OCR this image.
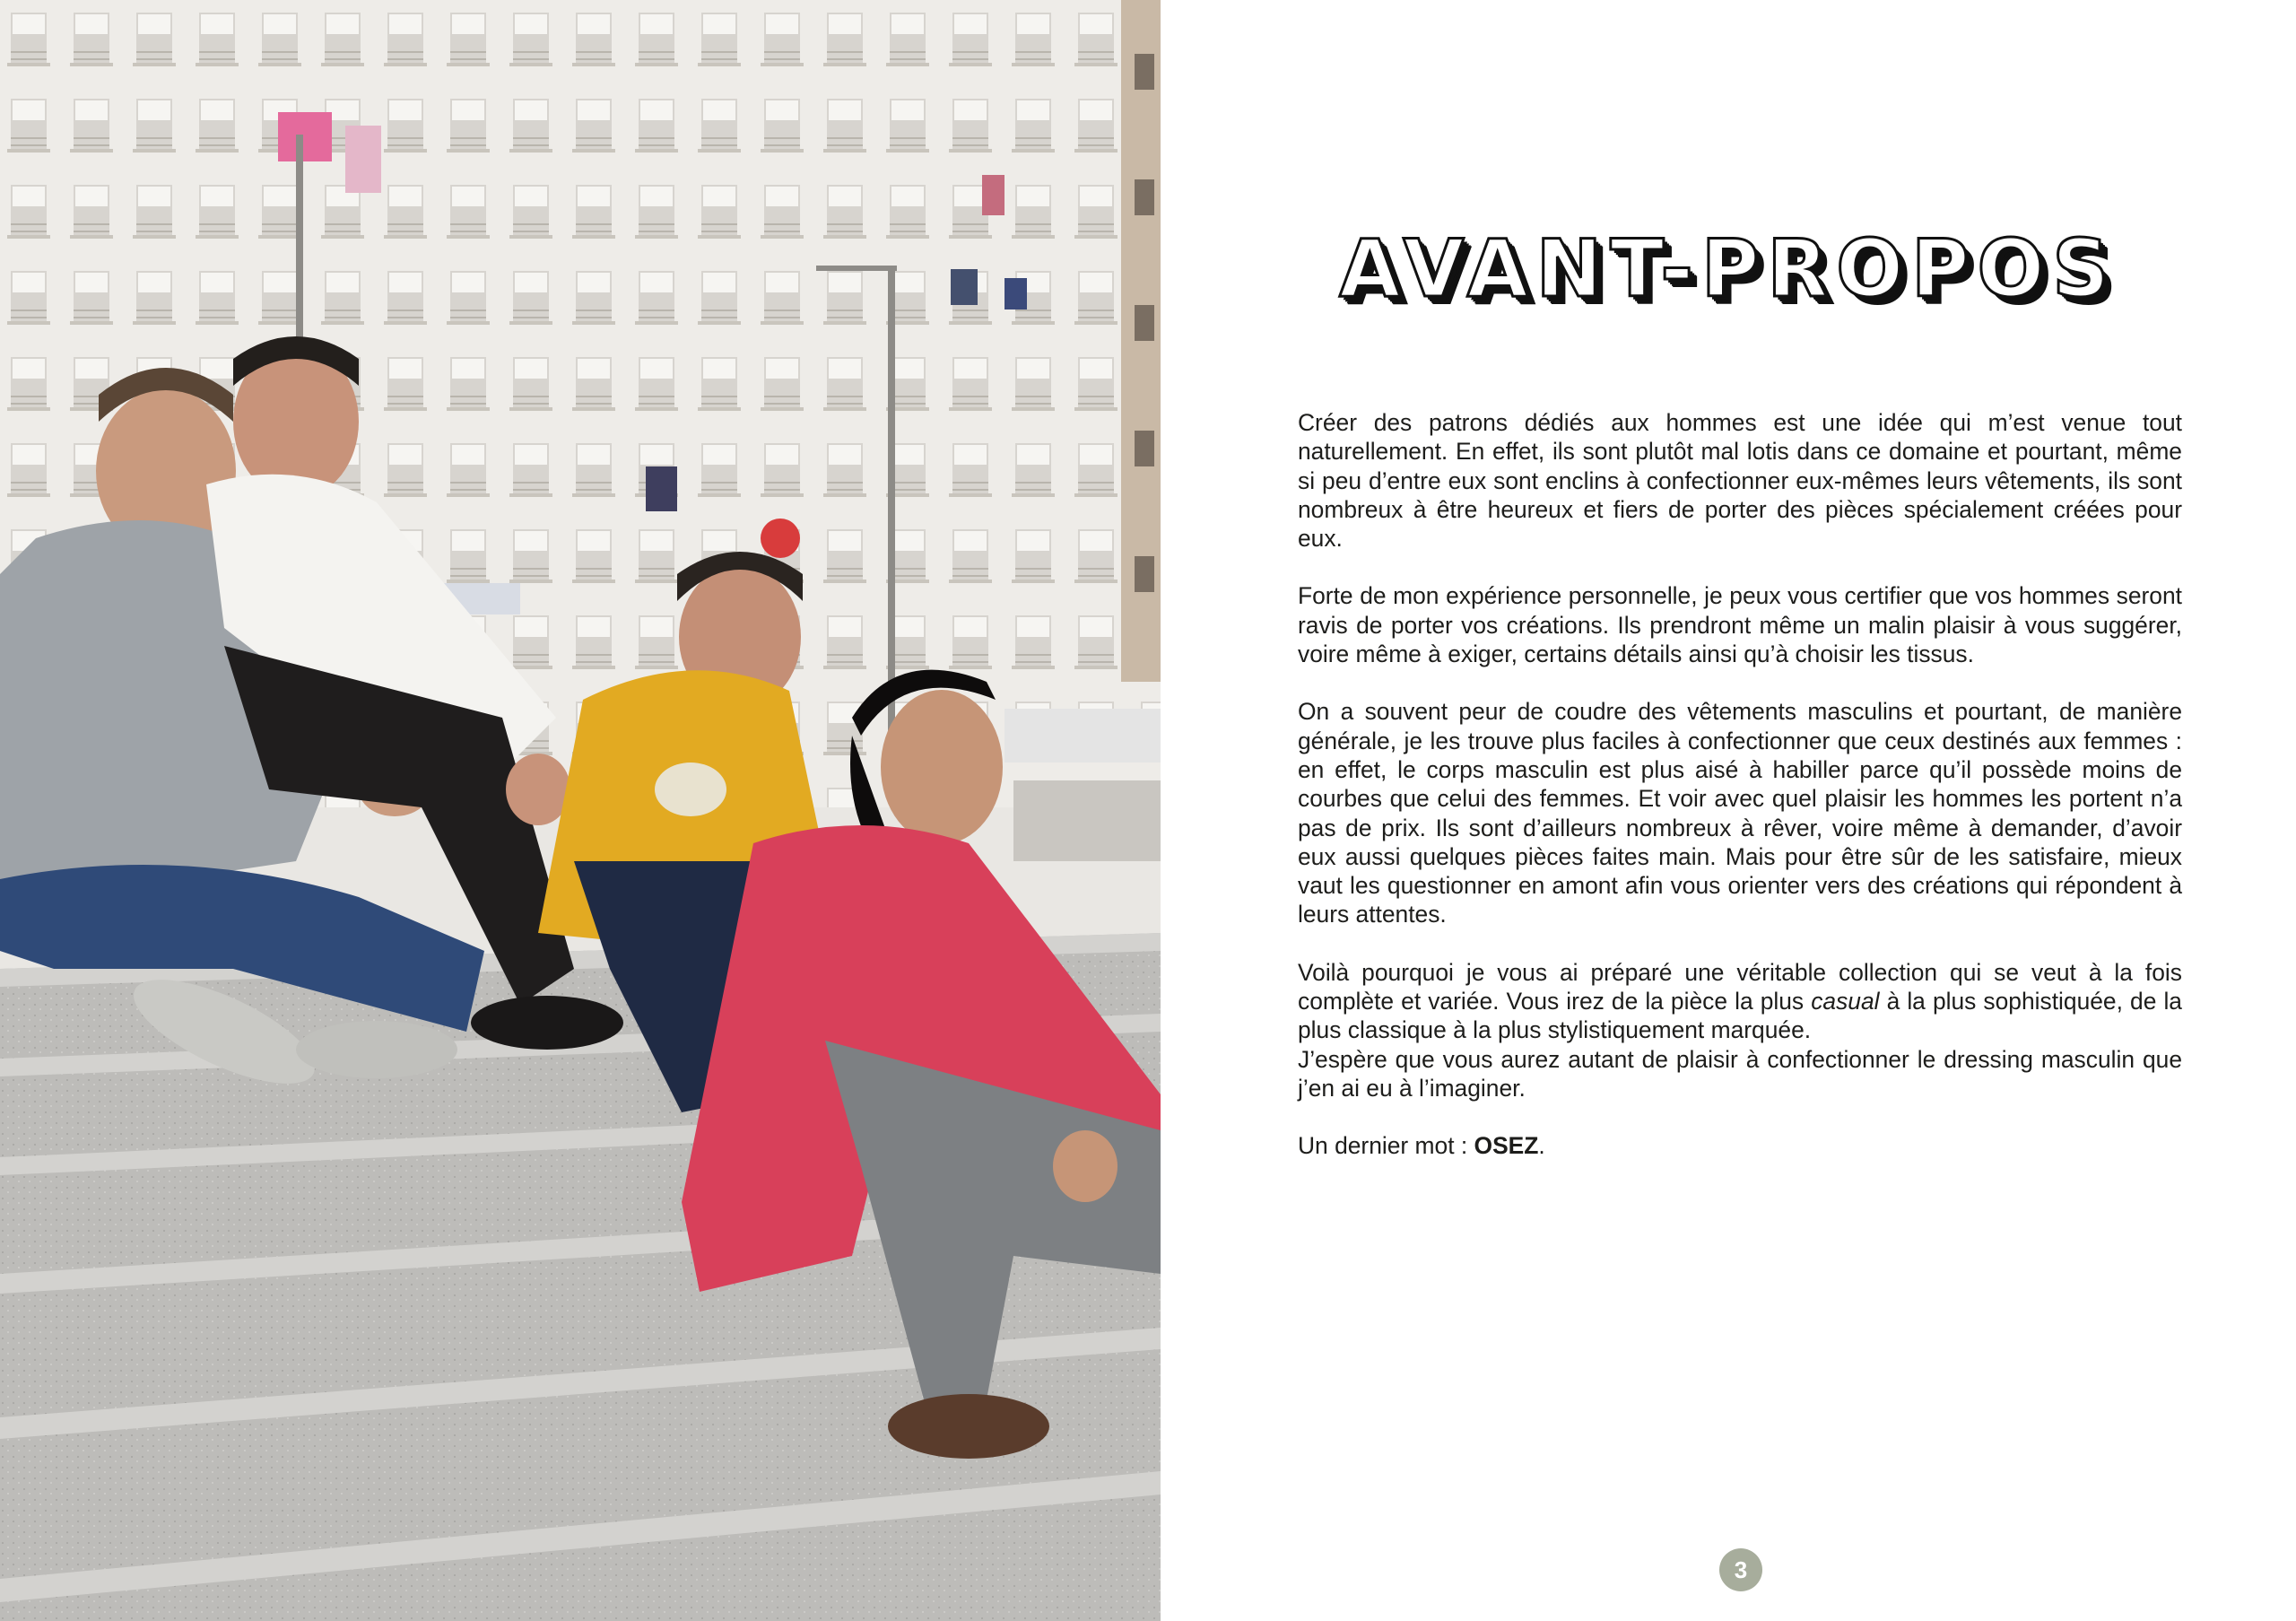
AVANT-PROPOS

Créer des patrons dédiés aux hommes est une idée qui m’est venue tout naturellement. En effet, ils sont plutôt mal lotis dans ce domaine et pourtant, même si peu d’entre eux sont enclins à confectionner eux-mêmes leurs vêtements, ils sont nombreux à être heureux et fiers de porter des pièces spécialement créées pour eux.

Forte de mon expérience personnelle, je peux vous certifier que vos hommes seront ravis de porter vos créations. Ils prendront même un malin plaisir à vous suggérer, voire même à exiger, certains détails ainsi qu’à choisir les tissus.

On a souvent peur de coudre des vêtements masculins et pourtant, de manière générale, je les trouve plus faciles à confectionner que ceux destinés aux femmes : en effet, le corps masculin est plus aisé à habiller parce qu’il possède moins de courbes que celui des femmes. Et voir avec quel plaisir les hommes les portent n’a pas de prix. Ils sont d’ailleurs nombreux à rêver, voire même à demander, d’avoir eux aussi quelques pièces faites main. Mais pour être sûr de les satisfaire, mieux vaut les questionner en amont afin vous orienter vers des créations qui répondent à leurs attentes.

Voilà pourquoi je vous ai préparé une véritable collection qui se veut à la fois complète et variée. Vous irez de la pièce la plus casual à la plus sophistiquée, de la plus classique à la plus stylistiquement marquée.

J’espère que vous aurez autant de plaisir à confectionner le dressing masculin que j’en ai eu à l’imaginer.

Un dernier mot : OSEZ.

3
